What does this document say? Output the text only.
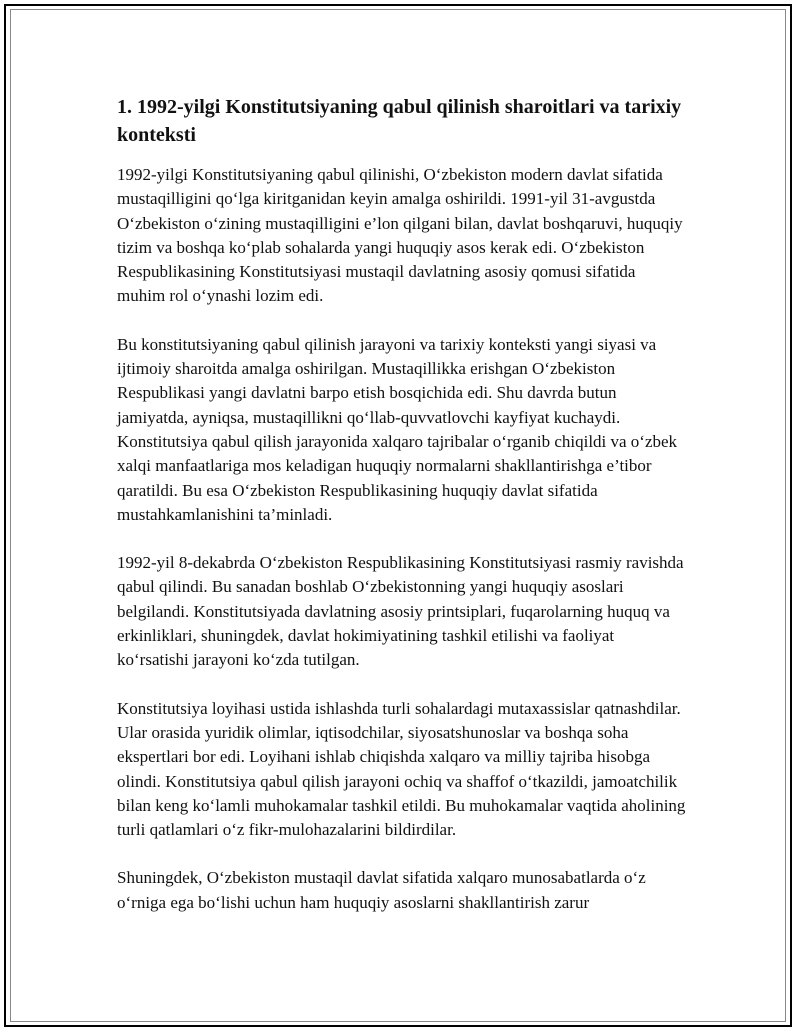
1. 1992-yilgi Konstitutsiyaning qabul qilinish sharoitlari va tarixiy konteksti

1992-yilgi Konstitutsiyaning qabul qilinishi, O‘zbekiston modern davlat sifatida mustaqilligini qo‘lga kiritganidan keyin amalga oshirildi. 1991-yil 31-avgustda O‘zbekiston o‘zining mustaqilligini e’lon qilgani bilan, davlat boshqaruvi, huquqiy tizim va boshqa ko‘plab sohalarda yangi huquqiy asos kerak edi. O‘zbekiston Respublikasining Konstitutsiyasi mustaqil davlatning asosiy qomusi sifatida muhim rol o‘ynashi lozim edi.

Bu konstitutsiyaning qabul qilinish jarayoni va tarixiy konteksti yangi siyasi va ijtimoiy sharoitda amalga oshirilgan. Mustaqillikka erishgan O‘zbekiston Respublikasi yangi davlatni barpo etish bosqichida edi. Shu davrda butun jamiyatda, ayniqsa, mustaqillikni qo‘llab-quvvatlovchi kayfiyat kuchaydi. Konstitutsiya qabul qilish jarayonida xalqaro tajribalar o‘rganib chiqildi va o‘zbek xalqi manfaatlariga mos keladigan huquqiy normalarni shakllantirishga e’tibor qaratildi. Bu esa O‘zbekiston Respublikasining huquqiy davlat sifatida mustahkamlanishini ta’minladi.

1992-yil 8-dekabrda O‘zbekiston Respublikasining Konstitutsiyasi rasmiy ravishda qabul qilindi. Bu sanadan boshlab O‘zbekistonning yangi huquqiy asoslari belgilandi. Konstitutsiyada davlatning asosiy printsiplari, fuqarolarning huquq va erkinliklari, shuningdek, davlat hokimiyatining tashkil etilishi va faoliyat ko‘rsatishi jarayoni ko‘zda tutilgan.

Konstitutsiya loyihasi ustida ishlashda turli sohalardagi mutaxassislar qatnashdilar. Ular orasida yuridik olimlar, iqtisodchilar, siyosatshunoslar va boshqa soha ekspertlari bor edi. Loyihani ishlab chiqishda xalqaro va milliy tajriba hisobga olindi. Konstitutsiya qabul qilish jarayoni ochiq va shaffof o‘tkazildi, jamoatchilik bilan keng ko‘lamli muhokamalar tashkil etildi. Bu muhokamalar vaqtida aholining turli qatlamlari o‘z fikr-mulohazalarini bildirdilar.

Shuningdek, O‘zbekiston mustaqil davlat sifatida xalqaro munosabatlarda o‘z o‘rniga ega bo‘lishi uchun ham huquqiy asoslarni shakllantirish zarur
